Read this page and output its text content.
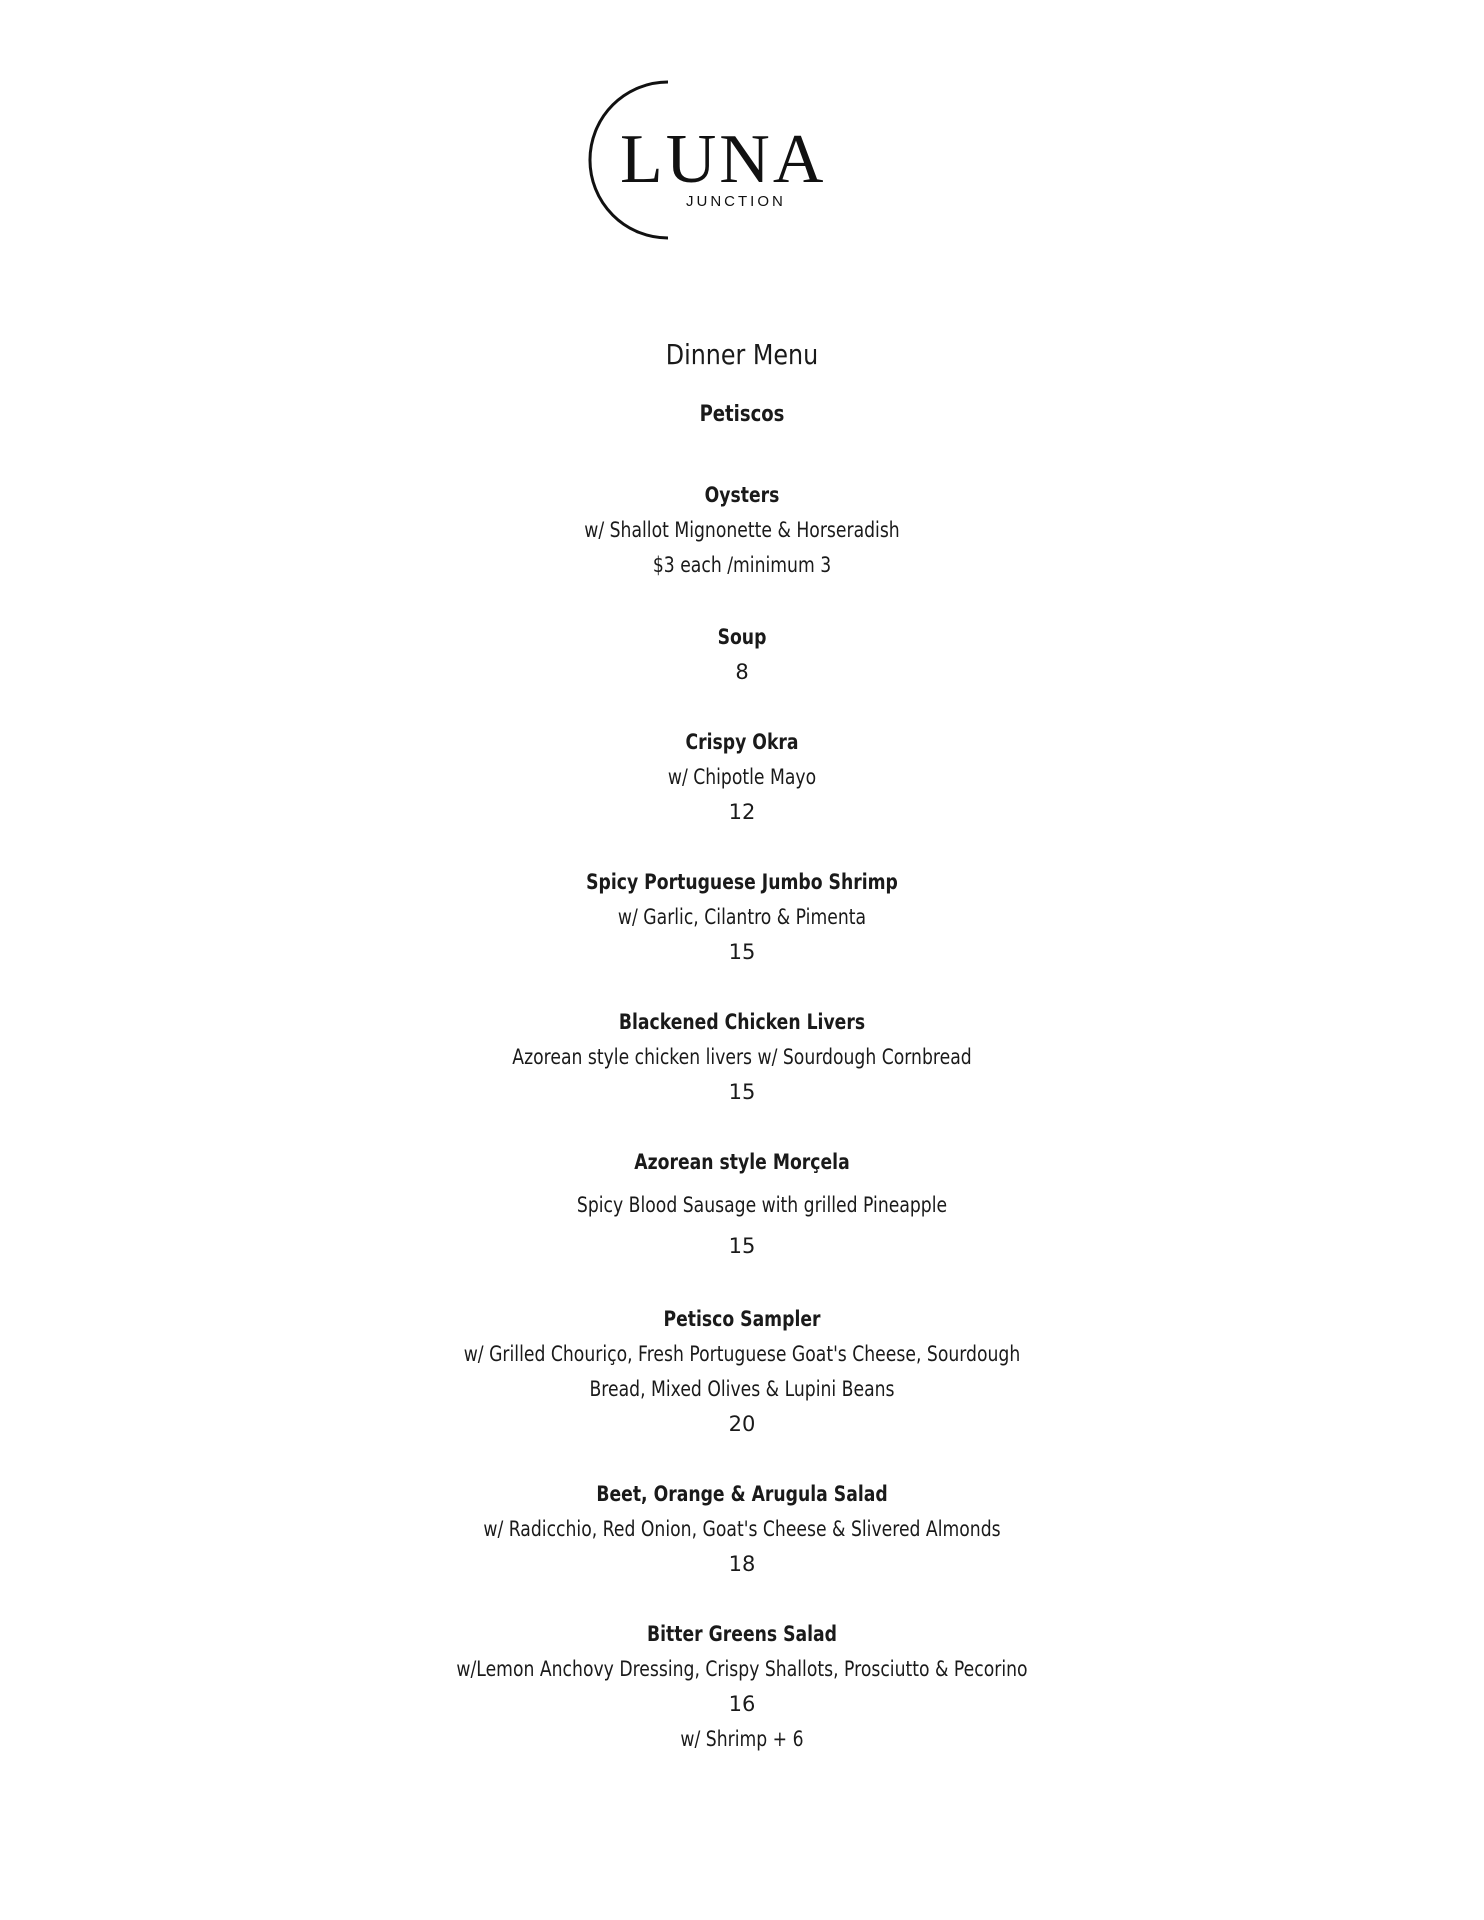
LUNA
JUNCTION
Dinner Menu
Petiscos
Oysters
w/ Shallot Mignonette & Horseradish
$3 each /minimum 3
Soup
8
Crispy Okra
w/ Chipotle Mayo
12
Spicy Portuguese Jumbo Shrimp
w/ Garlic, Cilantro & Pimenta
15
Blackened Chicken Livers
Azorean style chicken livers w/ Sourdough Cornbread
15
Azorean style Morçela
Spicy Blood Sausage with grilled Pineapple
15
Petisco Sampler
w/ Grilled Chouriço, Fresh Portuguese Goat's Cheese, Sourdough Bread, Mixed Olives & Lupini Beans
20
Beet, Orange & Arugula Salad
w/ Radicchio, Red Onion, Goat's Cheese & Slivered Almonds
18
Bitter Greens Salad
w/Lemon Anchovy Dressing, Crispy Shallots, Prosciutto & Pecorino
16
w/ Shrimp + 6
